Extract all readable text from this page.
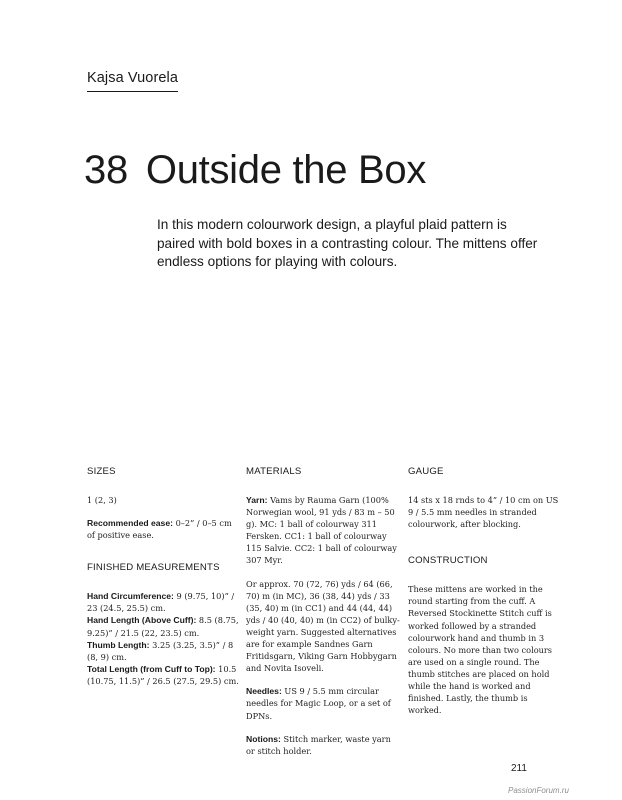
Kajsa Vuorela
38 Outside the Box

In this modern colourwork design, a playful plaid pattern is paired with bold boxes in a contrasting colour. The mittens offer endless options for playing with colours.

SIZES

1 (2, 3)

Recommended ease: 0–2” / 0–5 cm of positive ease.

FINISHED MEASUREMENTS

Hand Circumference: 9 (9.75, 10)” / 23 (24.5, 25.5) cm.
Hand Length (Above Cuff): 8.5 (8.75, 9.25)” / 21.5 (22, 23.5) cm.
Thumb Length: 3.25 (3.25, 3.5)” / 8 (8, 9) cm.
Total Length (from Cuff to Top): 10.5 (10.75, 11.5)” / 26.5 (27.5, 29.5) cm.

MATERIALS

Yarn: Vams by Rauma Garn (100% Norwegian wool, 91 yds / 83 m – 50 g). MC: 1 ball of colourway 311 Fersken. CC1: 1 ball of colourway 115 Salvie. CC2: 1 ball of colourway 307 Myr.

Or approx. 70 (72, 76) yds / 64 (66, 70) m (in MC), 36 (38, 44) yds / 33 (35, 40) m (in CC1) and 44 (44, 44) yds / 40 (40, 40) m (in CC2) of bulky-weight yarn. Suggested alternatives are for example Sandnes Garn Fritidsgarn, Viking Garn Hobbygarn and Novita Isoveli.

Needles: US 9 / 5.5 mm circular needles for Magic Loop, or a set of DPNs.

Notions: Stitch marker, waste yarn or stitch holder.

GAUGE

14 sts x 18 rnds to 4” / 10 cm on US 9 / 5.5 mm needles in stranded colourwork, after blocking.

CONSTRUCTION

These mittens are worked in the round starting from the cuff. A Reversed Stockinette Stitch cuff is worked followed by a stranded colourwork hand and thumb in 3 colours. No more than two colours are used on a single round. The thumb stitches are placed on hold while the hand is worked and finished. Lastly, the thumb is worked.

211
PassionForum.ru
